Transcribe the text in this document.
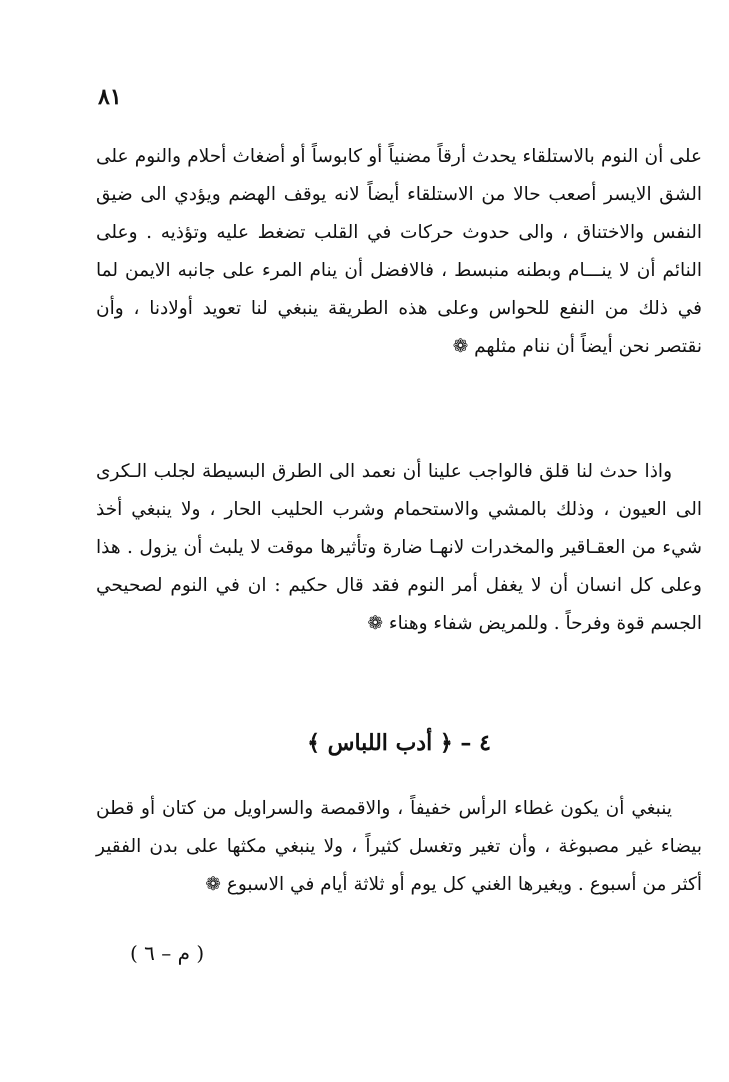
٨١

على أن النوم بالاستلقاء يحدث أرقاً مضنياً أو كابوساً أو أضغاث أحلام والنوم على الشق الايسر أصعب حالا من الاستلقاء أيضاً لانه يوقف الهضم ويؤدي الى ضيق النفس والاختناق ، والى حدوث حركات في القلب تضغط عليه وتؤذيه . وعلى النائم أن لا ينـــام وبطنه منبسط ، فالافضل أن ينام المرء على جانبه الايمن لما في ذلك من النفع للحواس وعلى هذه الطريقة ينبغي لنا تعويد أولادنا ، وأن نقتصر نحن أيضاً أن ننام مثلهم ❁

واذا حدث لنا قلق فالواجب علينا أن نعمد الى الطرق البسيطة لجلب الـكرى الى العيون ، وذلك بالمشي والاستحمام وشرب الحليب الحار ، ولا ينبغي أخذ شيء من العقـاقير والمخدرات لانهـا ضارة وتأثيرها موقت لا يلبث أن يزول . هذا وعلى كل انسان أن لا يغفل أمر النوم فقد قال حكيم : ان في النوم لصحيحي الجسم قوة وفرحاً . وللمريض شفاء وهناء ❁

٤ – ﴿ أدب اللباس ﴾

ينبغي أن يكون غطاء الرأس خفيفاً ، والاقمصة والسراويل من كتان أو قطن بيضاء غير مصبوغة ، وأن تغير وتغسل كثيراً ، ولا ينبغي مكثها على بدن الفقير أكثر من أسبوع . ويغيرها الغني كل يوم أو ثلاثة أيام في الاسبوع ❁

( م – ٦ )
